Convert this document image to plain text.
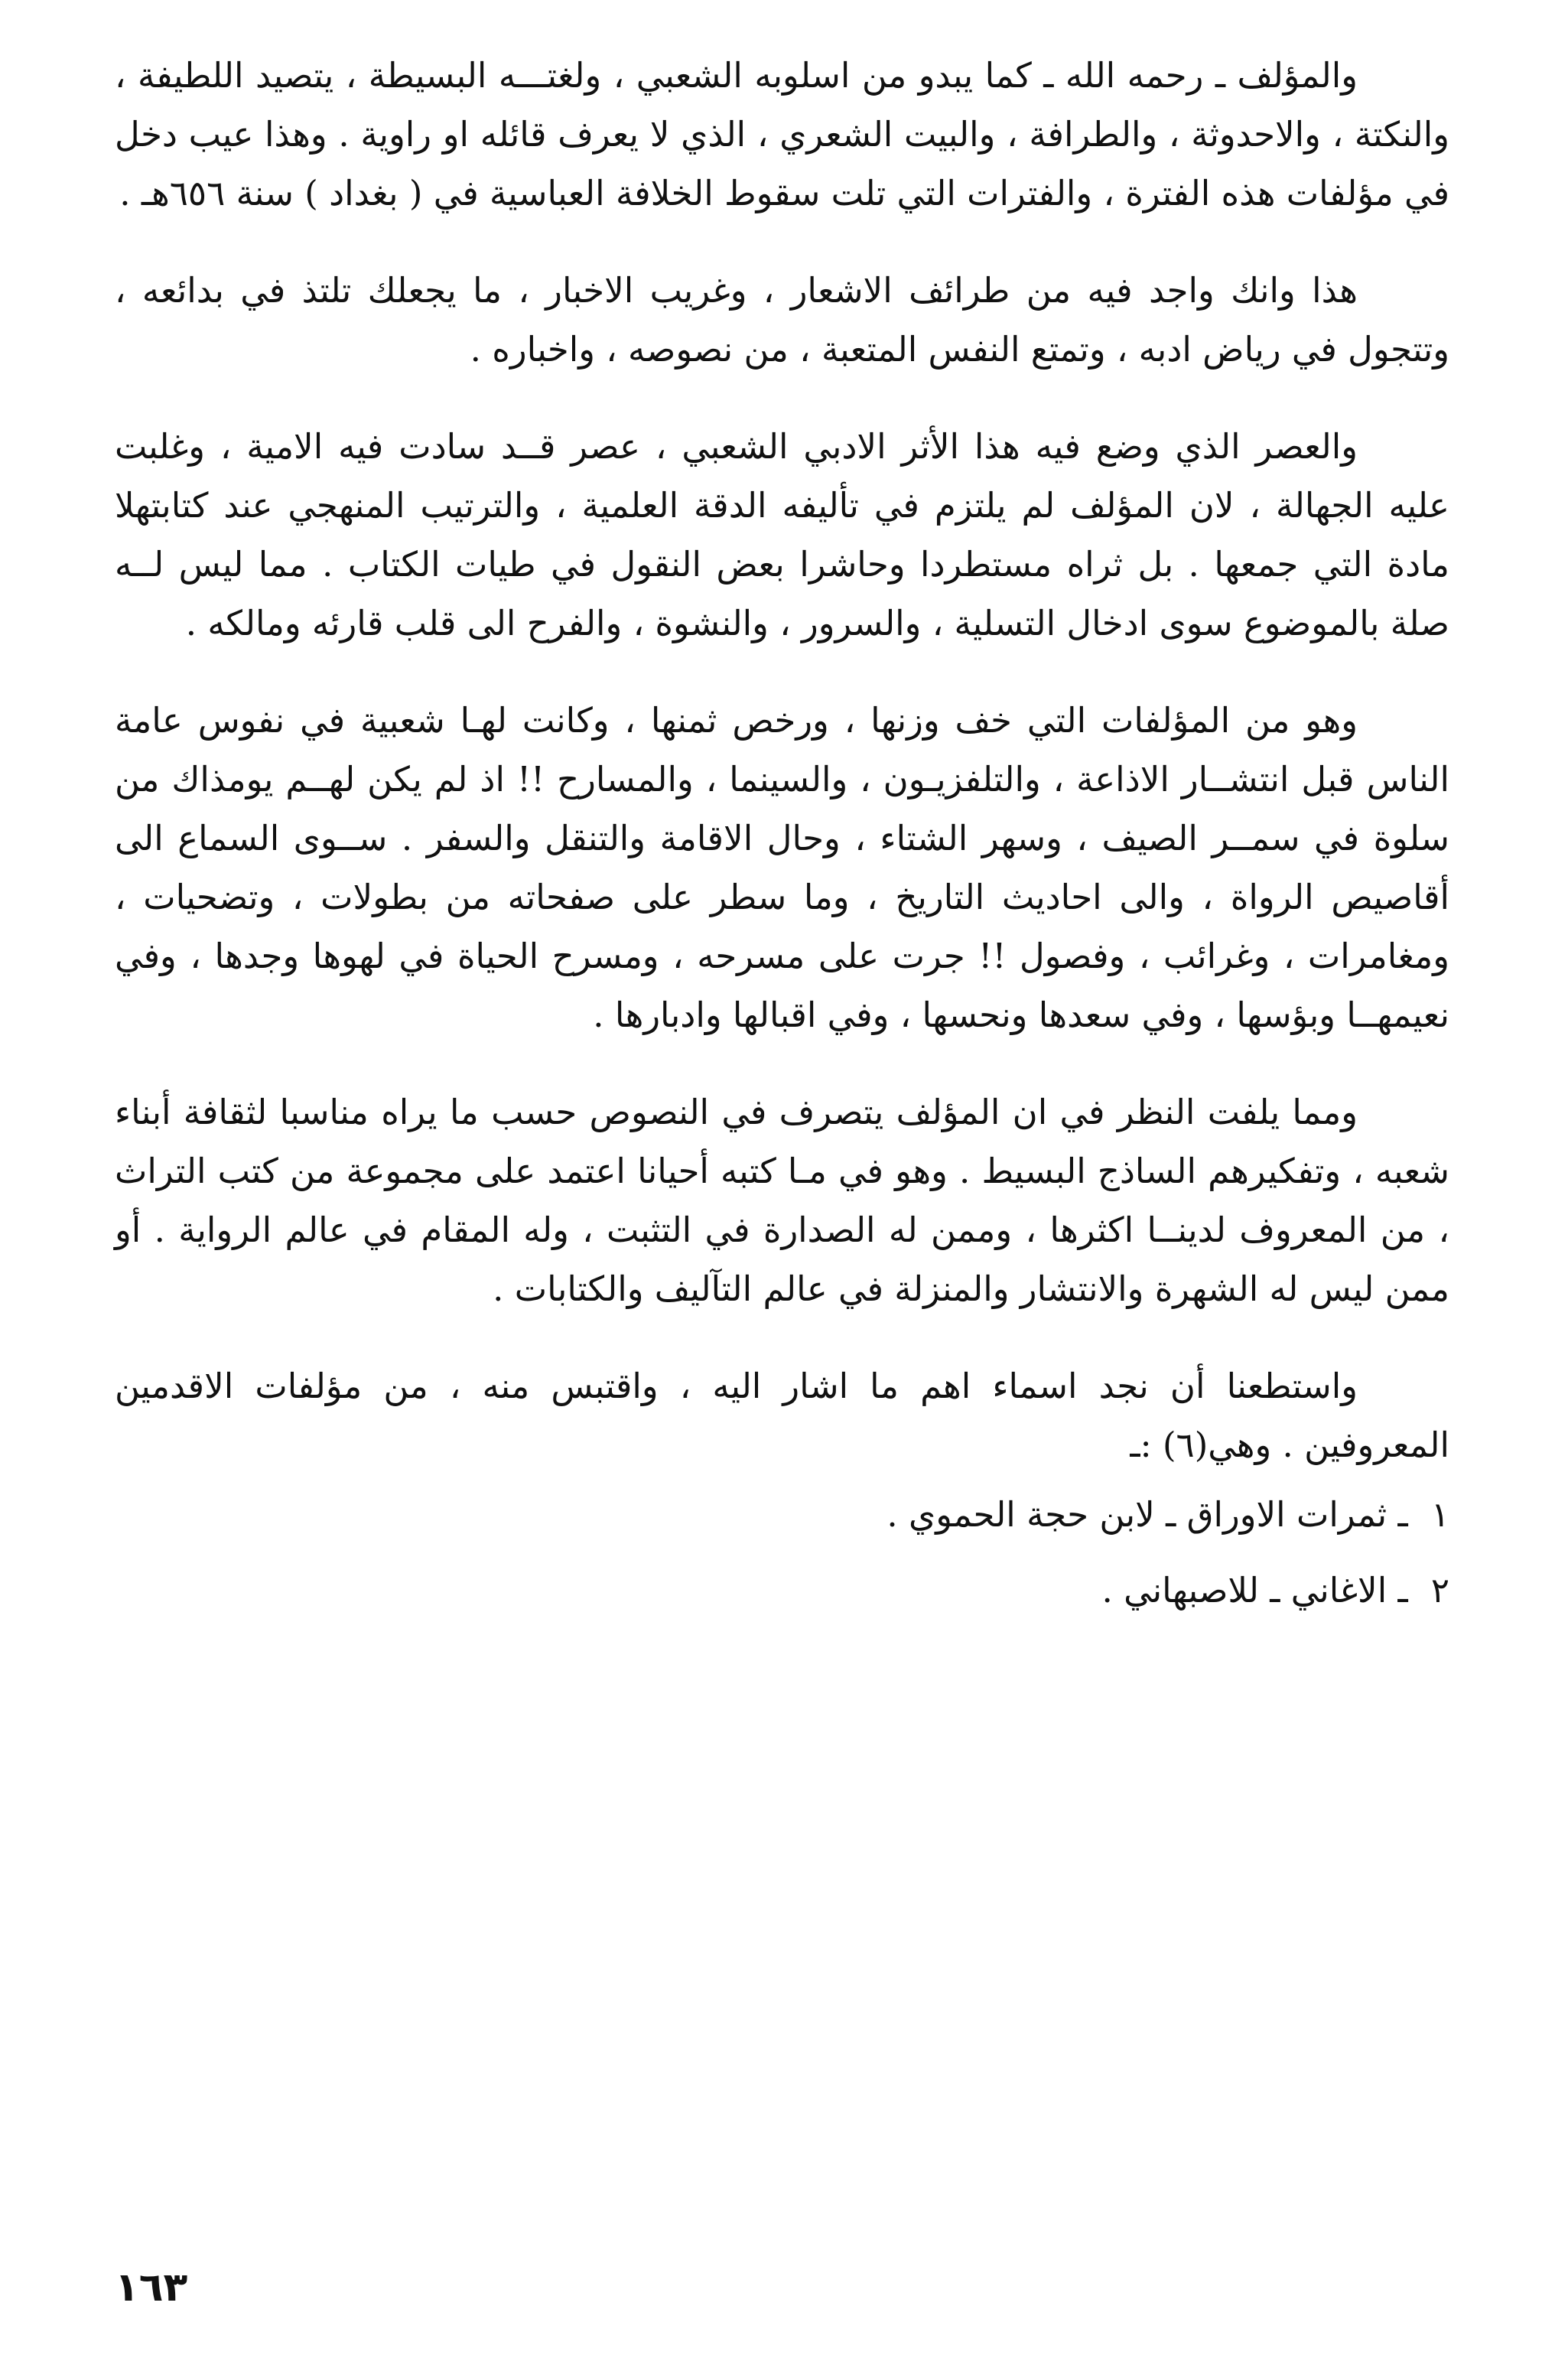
والمؤلف ـ رحمه الله ـ كما يبدو من اسلوبه الشعبي ، ولغتـــه البسيطة ، يتصيد اللطيفة ، والنكتة ، والاحدوثة ، والطرافة ، والبيت الشعري ، الذي لا يعرف قائله او راوية . وهذا عيب دخل في مؤلفات هذه الفترة ، والفترات التي تلت سقوط الخلافة العباسية في ( بغداد ) سنة ٦٥٦هـ .

هذا وانك واجد فيه من طرائف الاشعار ، وغريب الاخبار ، ما يجعلك تلتذ في بدائعه ، وتتجول في رياض ادبه ، وتمتع النفس المتعبة ، من نصوصه ، واخباره .

والعصر الذي وضع فيه هذا الأثر الادبي الشعبي ، عصر قــد سادت فيه الامية ، وغلبت عليه الجهالة ، لان المؤلف لم يلتزم في تأليفه الدقة العلمية ، والترتيب المنهجي عند كتابتهلا مادة التي جمعها . بل ثراه مستطردا وحاشرا بعض النقول في طيات الكتاب . مما ليس لــه صلة بالموضوع سوى ادخال التسلية ، والسرور ، والنشوة ، والفرح الى قلب قارئه ومالكه .

وهو من المؤلفات التي خف وزنها ، ورخص ثمنها ، وكانت لهـا شعبية في نفوس عامة الناس قبل انتشــار الاذاعة ، والتلفزيـون ، والسينما ، والمسارح !! اذ لم يكن لهــم يومذاك من سلوة في سمــر الصيف ، وسهر الشتاء ، وحال الاقامة والتنقل والسفر . ســوى السماع الى أقاصيص الرواة ، والى احاديث التاريخ ، وما سطر على صفحاته من بطولات ، وتضحيات ، ومغامرات ، وغرائب ، وفصول !! جرت على مسرحه ، ومسرح الحياة في لهوها وجدها ، وفي نعيمهــا وبؤسها ، وفي سعدها ونحسها ، وفي اقبالها وادبارها .

ومما يلفت النظر في ان المؤلف يتصرف في النصوص حسب ما يراه مناسبا لثقافة أبناء شعبه ، وتفكيرهم الساذج البسيط . وهو في مـا كتبه أحيانا اعتمد على مجموعة من كتب التراث ، من المعروف لدينــا اكثرها ، وممن له الصدارة في التثبت ، وله المقام في عالم الرواية . أو ممن ليس له الشهرة والانتشار والمنزلة في عالم التآليف والكتابات .

واستطعنا أن نجد اسماء اهم ما اشار اليه ، واقتبس منه ، من مؤلفات الاقدمين المعروفين . وهي(٦) :ـ

١ ـ ثمرات الاوراق ـ لابن حجة الحموي .
٢ ـ الاغاني ـ للاصبهاني .
١٦٣
